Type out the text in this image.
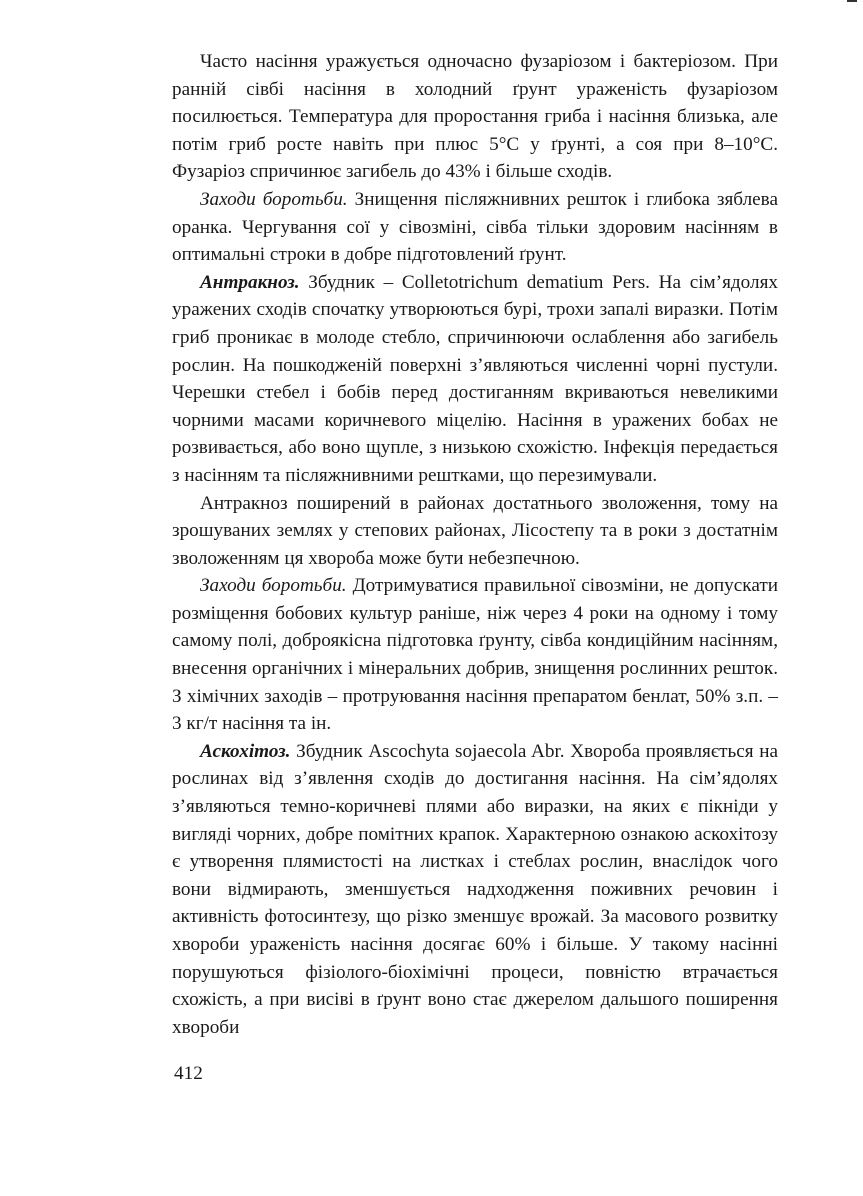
Часто насіння уражується одночасно фузаріозом і бактеріозом. При ранній сівбі насіння в холодний ґрунт ураженість фузаріозом посилюється. Температура для проростання гриба і насіння близька, але потім гриб росте навіть при плюс 5°С у ґрунті, а соя при 8–10°С. Фузаріоз спричинює загибель до 43% і більше сходів.

Заходи боротьби. Знищення післяжнивних решток і глибока зяблева оранка. Чергування сої у сівозміні, сівба тільки здоровим насінням в оптимальні строки в добре підготовлений ґрунт.

Антракноз. Збудник – Colletotrichum dematium Pers. На сім’ядолях уражених сходів спочатку утворюються бурі, трохи запалі виразки. Потім гриб проникає в молоде стебло, спричинюючи ослаблення або загибель рослин. На пошкодженій поверхні з’являються численні чорні пустули. Черешки стебел і бобів перед достиганням вкриваються невеликими чорними масами коричневого міцелію. Насіння в уражених бобах не розвивається, або воно щупле, з низькою схожістю. Інфекція передається з насінням та післяжнивними рештками, що перезимували.

Антракноз поширений в районах достатнього зволоження, тому на зрошуваних землях у степових районах, Лісостепу та в роки з достатнім зволоженням ця хвороба може бути небезпечною.

Заходи боротьби. Дотримуватися правильної сівозміни, не допускати розміщення бобових культур раніше, ніж через 4 роки на одному і тому самому полі, доброякісна підготовка ґрунту, сівба кондиційним насінням, внесення органічних і мінеральних добрив, знищення рослинних решток. З хімічних заходів – протруювання насіння препаратом бенлат, 50% з.п. – 3 кг/т насіння та ін.

Аскохітоз. Збудник Ascochyta sojaecola Abr. Хвороба проявляється на рослинах від з’явлення сходів до достигання насіння. На сім’ядолях з’являються темно-коричневі плями або виразки, на яких є пікніди у вигляді чорних, добре помітних крапок. Характерною ознакою аскохітозу є утворення плямистості на листках і стеблах рослин, внаслідок чого вони відмирають, зменшується надходження поживних речовин і активність фотосинтезу, що різко зменшує врожай. За масового розвитку хвороби ураженість насіння досягає 60% і більше. У такому насінні порушуються фізіолого-біохімічні процеси, повністю втрачається схожість, а при висіві в ґрунт воно стає джерелом дальшого поширення хвороби

412
